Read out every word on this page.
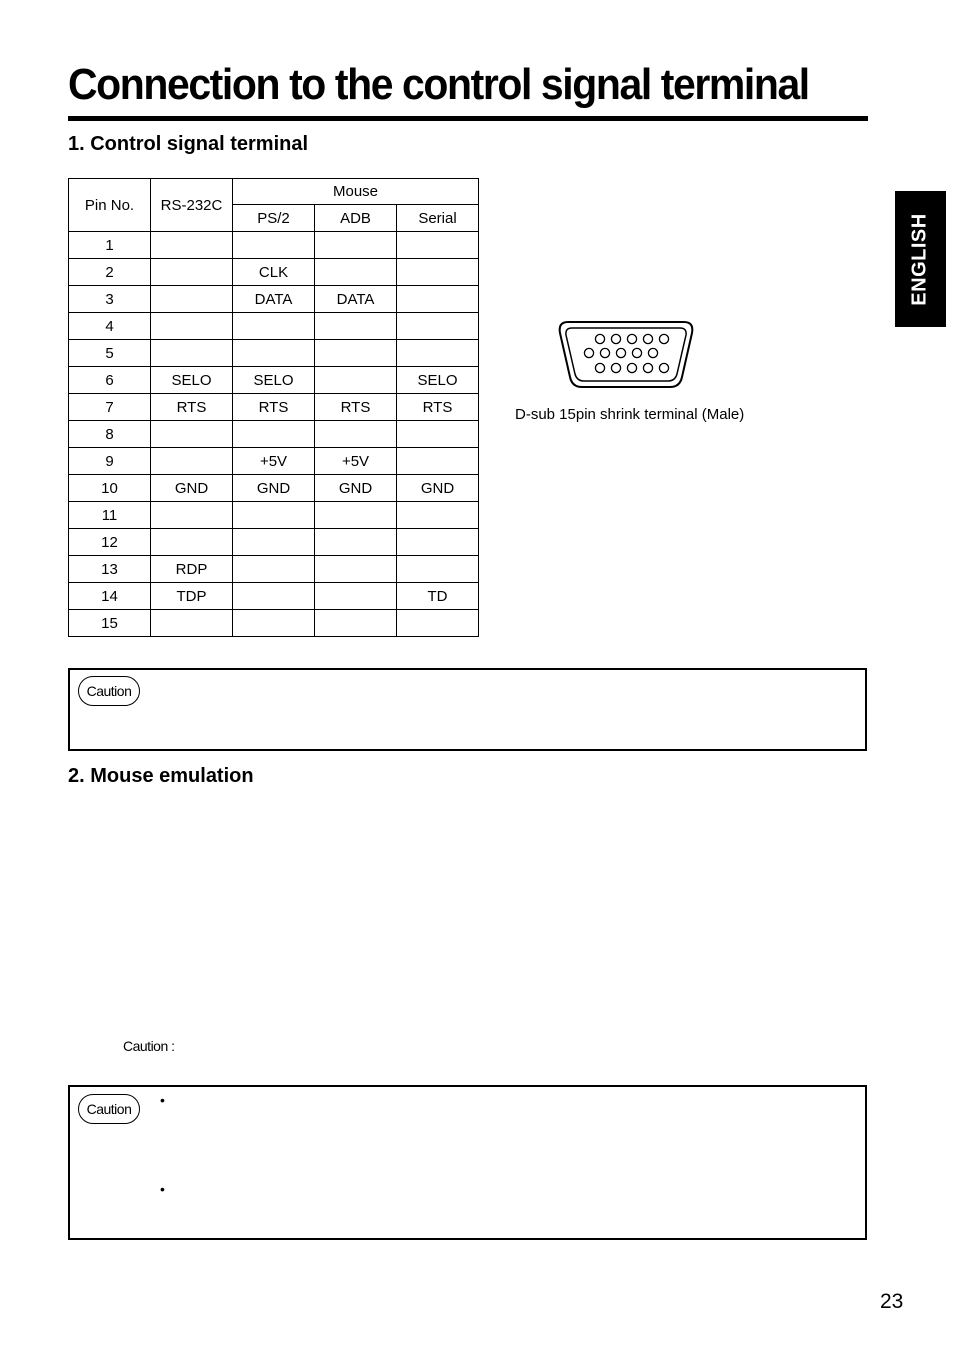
Connection to the control signal terminal
ENGLISH
1. Control signal terminal
Pin No.	RS-232C	Mouse		
		PS/2	ADB	Serial
1				
2		CLK		
3		DATA	DATA	
4				
5				
6	SELO	SELO		SELO
7	RTS	RTS	RTS	RTS
8				
9		+5V	+5V	
10	GND	GND	GND	GND
11				
12				
13	RDP			
14	TDP			TD
15				
D-sub 15pin shrink terminal (Male)
Caution
2. Mouse emulation
Caution :
Caution
•
•
23
